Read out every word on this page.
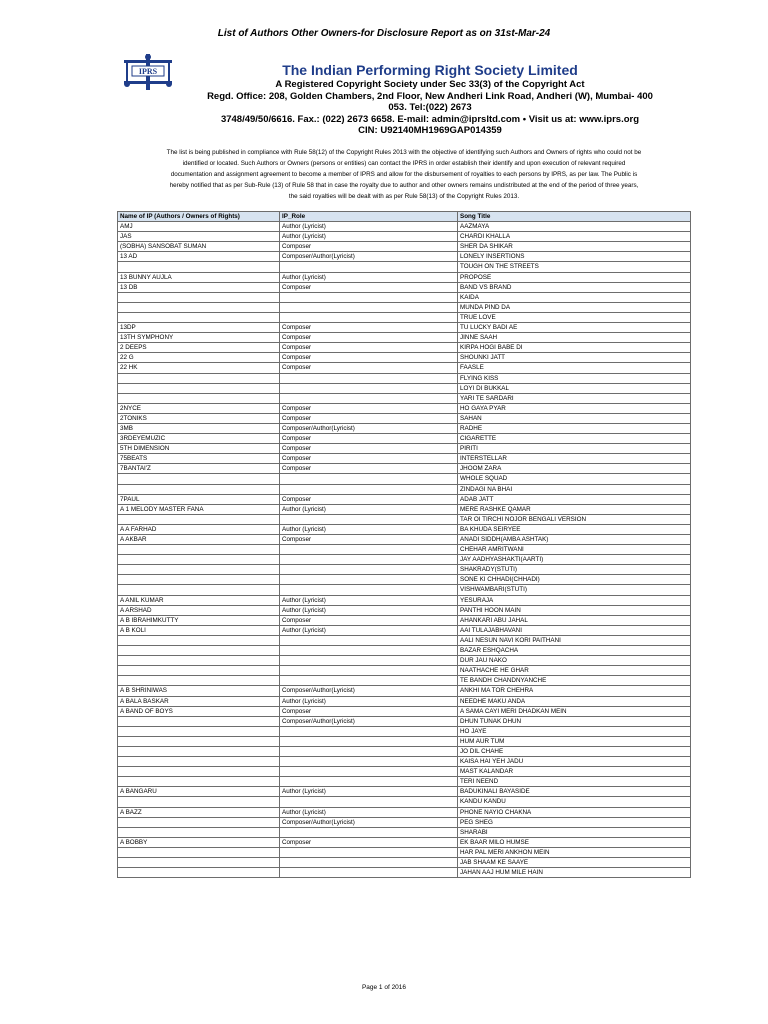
List of Authors Other Owners-for Disclosure Report as on 31st-Mar-24
IPRS	The Indian Performing Right Society Limited
A Registered Copyright Society under Sec 33(3) of the Copyright Act
Regd. Office: 208, Golden Chambers, 2nd Floor, New Andheri Link Road, Andheri (W), Mumbai- 400 053. Tel:(022) 2673
3748/49/50/6616. Fax.: (022) 2673 6658. E-mail: admin@iprsltd.com • Visit us at: www.iprs.org
CIN: U92140MH1969GAP014359
The list is being published in compliance with Rule 58(12) of the Copyright Rules 2013 with the objective of identifying such Authors and Owners of rights who could not be
identified or located. Such Authors or Owners (persons or entities) can contact the IPRS in order establish their identify and upon execution of relevant required
documentation and assignment agreement to become a member of IPRS and allow for the disbursement of royalties to each persons by IPRS, as per law. The Public is
hereby notified that as per Sub-Rule (13) of Rule 58 that in case the royalty due to author and other owners remains undistributed at the end of the period of three years,
the said royalties will be dealt with as per Rule 58(13) of the Copyright Rules 2013.
Name of IP (Authors / Owners of Rights)	IP_Role	Song Title
AMJ	Author (Lyricist)	AAZMAYA
JAS	Author (Lyricist)	CHARDI KHALLA
(SOBHA) SANSOBAT SUMAN	Composer	SHER DA SHIKAR
13 AD	Composer/Author(Lyricist)	LONELY INSERTIONS
		TOUGH ON THE STREETS
13 BUNNY AUJLA	Author (Lyricist)	PROPOSE
13 DB	Composer	BAND VS BRAND
		KAIDA
		MUNDA PIND DA
		TRUE LOVE
13DP	Composer	TU LUCKY BADI AE
13TH SYMPHONY	Composer	JINNE SAAH
2 DEEPS	Composer	KIRPA HOGI BABE DI
22 G	Composer	SHOUNKI JATT
22 HK	Composer	FAASLE
		FLYING KISS
		LOYI DI BUKKAL
		YARI TE SARDARI
2NYCE	Composer	HO GAYA PYAR
2TONIKS	Composer	SAHAN
3MB	Composer/Author(Lyricist)	RADHE
3RDEYEMUZIC	Composer	CIGARETTE
5TH DIMENSION	Composer	PIRITI
75BEATS	Composer	INTERSTELLAR
7BANTAI'Z	Composer	JHOOM ZARA
		WHOLE SQUAD
		ZINDAGI NA BHAI
7PAUL	Composer	ADAB JATT
A 1 MELODY MASTER FANA	Author (Lyricist)	MERE RASHKE QAMAR
		TAR OI TIRCHI NOJOR BENGALI VERSION
A A FARHAD	Author (Lyricist)	BA KHUDA SEIRYEE
A AKBAR	Composer	ANADI SIDDH(AMBA ASHTAK)
		CHEHAR AMRITWANI
		JAY AADHYASHAKTI(AARTI)
		SHAKRADY(STUTI)
		SONE KI CHHADI(CHHADI)
		VISHWAMBARI(STUTI)
A ANIL KUMAR	Author (Lyricist)	YESURAJA
A ARSHAD	Author (Lyricist)	PANTHI HOON MAIN
A B IBRAHIMKUTTY	Composer	AHANKARI ABU JAHAL
A B KOLI	Author (Lyricist)	AAI TULAJABHAVANI
		AALI NESUN NAVI KORI PAITHANI
		BAZAR ESHQACHA
		DUR JAU NAKO
		NAATHACHE HE GHAR
		TE BANDH CHANDNYANCHE
A B SHRINIWAS	Composer/Author(Lyricist)	ANKHI MA TOR CHEHRA
A BALA BASKAR	Author (Lyricist)	NEEDHE MAKU ANDA
A BAND OF BOYS	Composer	A SAMA CAYI MERI DHADKAN MEIN
	Composer/Author(Lyricist)	DHUN TUNAK DHUN
		HO JAYE
		HUM AUR TUM
		JO DIL CHAHE
		KAISA HAI YEH JADU
		MAST KALANDAR
		TERI NEEND
A BANGARU	Author (Lyricist)	BADUKINALI BAYASIDE
		KANDU KANDU
A BAZZ	Author (Lyricist)	PHONE NAYIO CHAKNA
	Composer/Author(Lyricist)	PEG SHEG
		SHARABI
A BOBBY	Composer	EK BAAR MILO HUMSE
		HAR PAL MERI ANKHON MEIN
		JAB SHAAM KE SAAYE
		JAHAN AAJ HUM MILE HAIN
Page 1 of 2016
